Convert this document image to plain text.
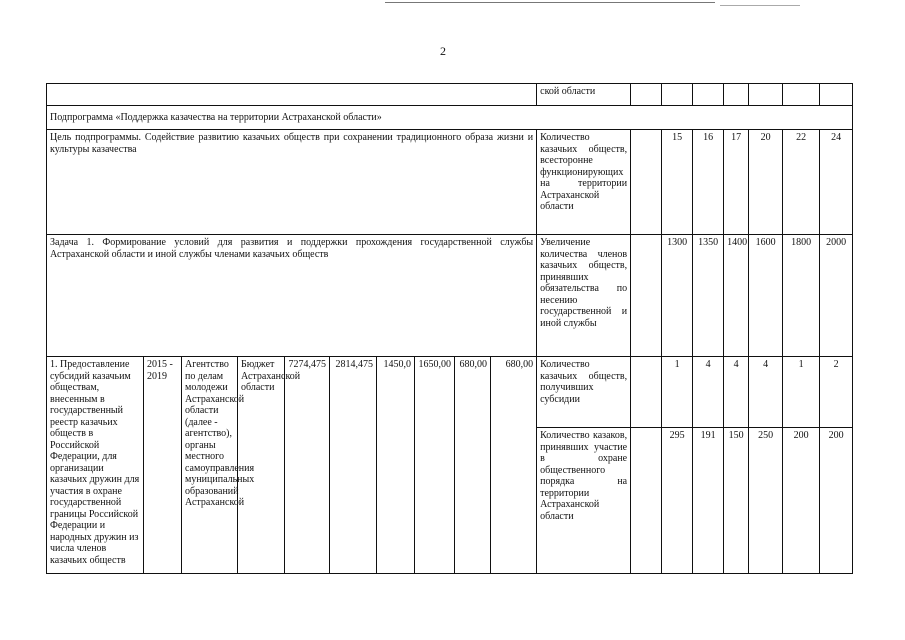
2
										ской области							
Подпрограмма «Поддержка казачества на территории Астраханской области»																	
Цель подпрограммы. Содействие развитию казачьих обществ при сохранении традиционного образа жизни и культуры казачества										Количество казачьих обществ, всесторонне функционирующих на территории Астраханской области		15	16	17	20	22	24
Задача 1. Формирование условий для развития и поддержки прохождения государственной службы Астраханской области и иной службы членами казачьих обществ										Увеличение количества членов казачьих обществ, принявших обязательства по несению государственной и иной службы		1300	1350	1400	1600	1800	2000
1. Предоставление субсидий казачьим обществам, внесенным в государственный реестр казачьих обществ в Российской Федерации, для организации казачьих дружин для участия в охране государственной границы Российской Федерации и народных дружин из числа членов казачьих обществ	2015 - 2019	Агентство по делам молодежи Астраханской области (далее - агентство), органы местного самоуправления муниципальных образований Астраханской	Бюджет Астраханской области	7274,475	2814,475	1450,0	1650,00	680,00	680,00	Количество казачьих обществ, получивших субсидии		1	4	4	4	1	2
										Количество казаков, принявших участие в охране общественного порядка на территории Астраханской области		295	191	150	250	200	200
